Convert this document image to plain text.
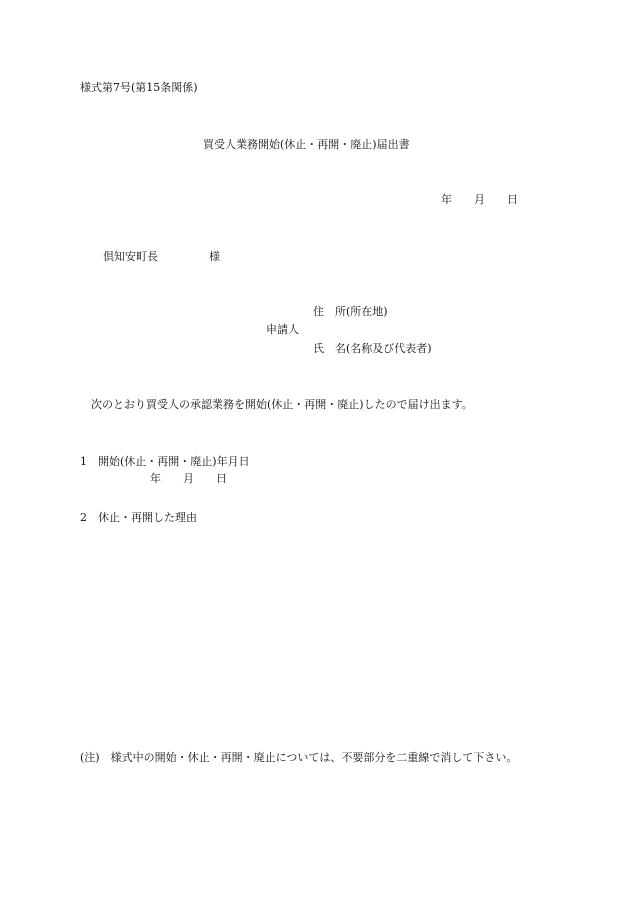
様式第7号(第15条関係)
買受人業務開始(休止・再開・廃止)届出書
年　　月　　日
倶知安町長	様
住　所(所在地)
申請人
氏　名(名称及び代表者)
次のとおり買受人の承認業務を開始(休止・再開・廃止)したので届け出ます。
1　開始(休止・再開・廃止)年月日
年　　月　　日
2　休止・再開した理由
(注)　様式中の開始・休止・再開・廃止については、不要部分を二重線で消して下さい。
